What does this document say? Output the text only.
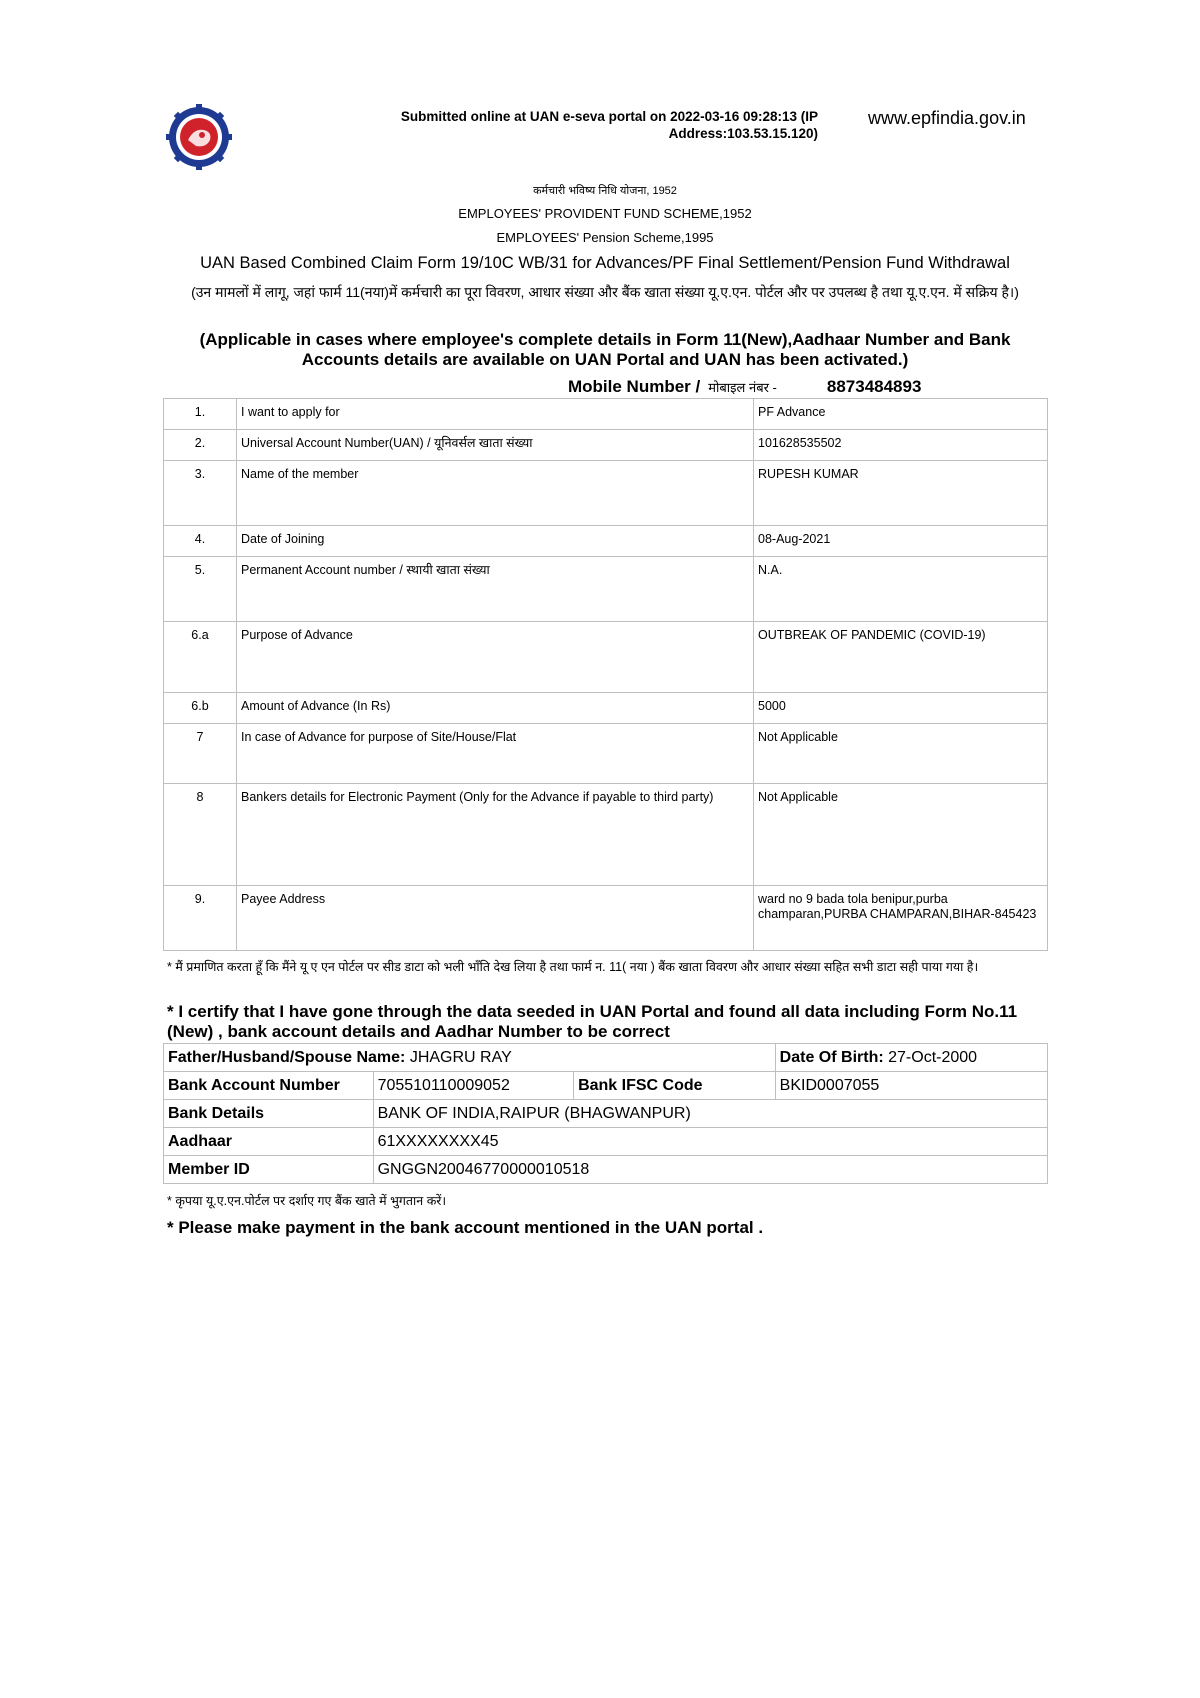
Submitted online at UAN e-seva portal on 2022-03-16 09:28:13 (IP Address:103.53.15.120)
www.epfindia.gov.in
कर्मचारी भविष्य निधि योजना, 1952
EMPLOYEES' PROVIDENT FUND SCHEME,1952
EMPLOYEES' Pension Scheme,1995
UAN Based Combined Claim Form 19/10C WB/31 for Advances/PF Final Settlement/Pension Fund Withdrawal
(उन मामलों में लागू, जहां फार्म 11(नया)में कर्मचारी का पूरा विवरण, आधार संख्या और बैंक खाता संख्या यू.ए.एन. पोर्टल और पर उपलब्ध है तथा यू.ए.एन. में सक्रिय है।)
(Applicable in cases where employee's complete details in Form 11(New),Aadhaar Number and Bank Accounts details are available on UAN Portal and UAN has been activated.)
Mobile Number / मोबाइल नंबर -	8873484893
1.	I want to apply for	PF Advance
2.	Universal Account Number(UAN) / यूनिवर्सल खाता संख्या	101628535502
3.	Name of the member	RUPESH KUMAR
4.	Date of Joining	08-Aug-2021
5.	Permanent Account number / स्थायी खाता संख्या	N.A.
6.a	Purpose of Advance	OUTBREAK OF PANDEMIC (COVID-19)
6.b	Amount of Advance (In Rs)	5000
7	In case of Advance for purpose of Site/House/Flat	Not Applicable
8	Bankers details for Electronic Payment (Only for the Advance if payable to third party)	Not Applicable
9.	Payee Address	ward no 9 bada tola benipur,purba champaran,PURBA CHAMPARAN,BIHAR-845423
* मैं प्रमाणित करता हूँ कि मैंने यू ए एन पोर्टल पर सीड डाटा को भली भाँति देख लिया है तथा फार्म न. 11( नया ) बैंक खाता विवरण और आधार संख्या सहित सभी डाटा सही पाया गया है।
* I certify that I have gone through the data seeded in UAN Portal and found all data including Form No.11 (New) , bank account details and Aadhar Number to be correct
Father/Husband/Spouse Name: JHAGRU RAY			Date Of Birth: 27-Oct-2000
Bank Account Number	705510110009052	Bank IFSC Code	BKID0007055
Bank Details	BANK OF INDIA,RAIPUR (BHAGWANPUR)		
Aadhaar	61XXXXXXXX45		
Member ID	GNGGN20046770000010518		
* कृपया यू.ए.एन.पोर्टल पर दर्शाए गए बैंक खाते में भुगतान करें।
* Please make payment in the bank account mentioned in the UAN portal .
